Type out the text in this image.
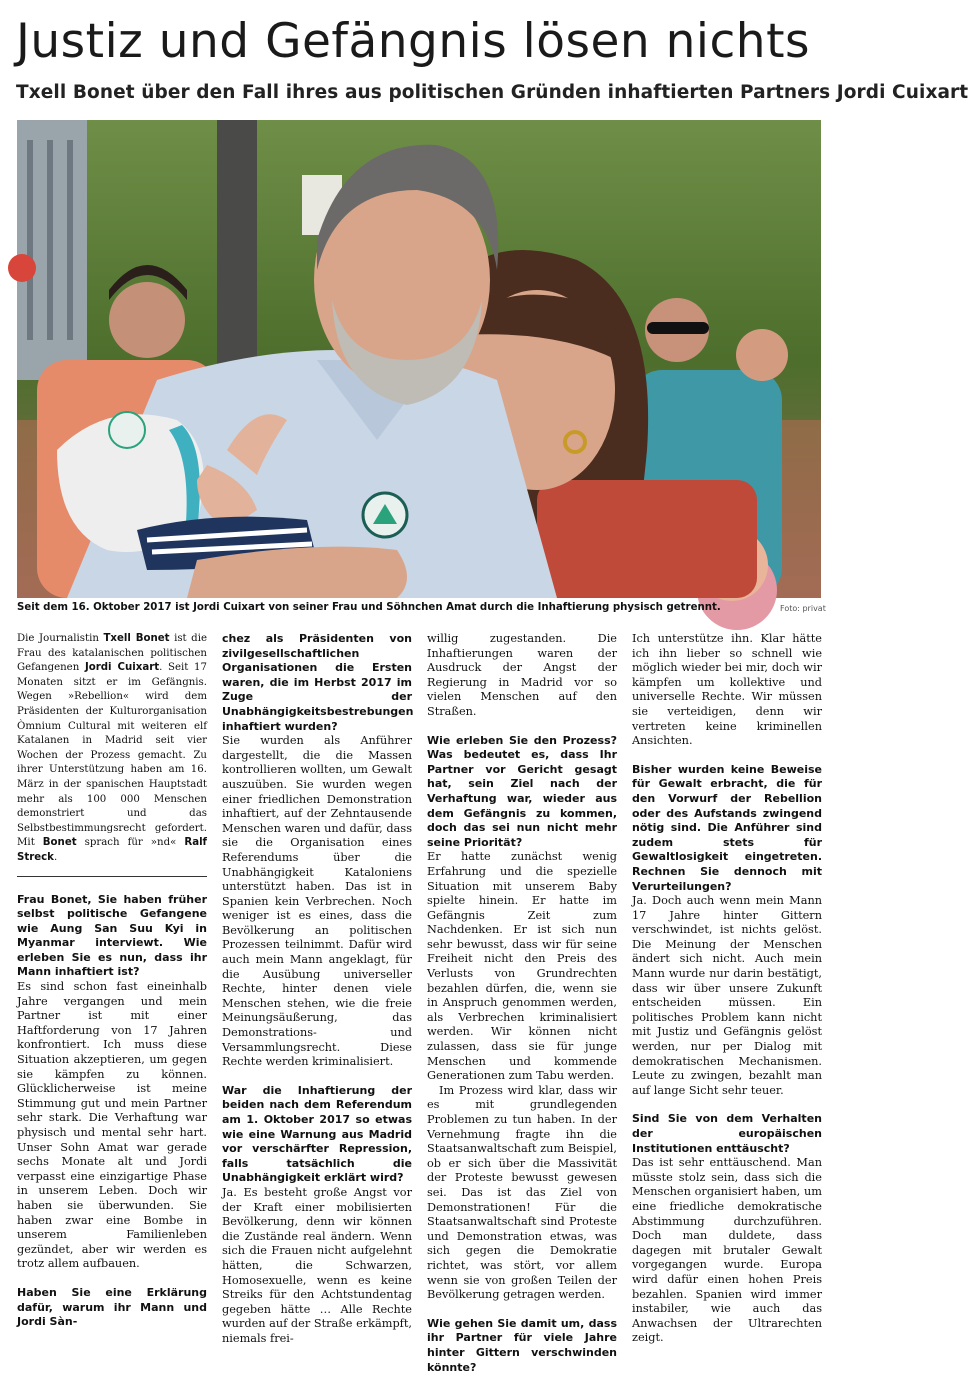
Justiz und Gefängnis lösen nichts
Txell Bonet über den Fall ihres aus politischen Gründen inhaftierten Partners Jordi Cuixart
Seit dem 16. Oktober 2017 ist Jordi Cuixart von seiner Frau und Söhnchen Amat durch die Inhaftierung physisch getrennt.	Foto: privat
Die Journalistin Txell Bonet ist die Frau des katalanischen politischen Gefangenen Jordi Cuixart. Seit 17 Monaten sitzt er im Gefängnis. Wegen »Rebellion« wird dem Präsidenten der Kulturorganisation Òmnium Cultural mit weiteren elf Katalanen in Madrid seit vier Wochen der Prozess gemacht. Zu ihrer Unterstützung haben am 16. März in der spanischen Hauptstadt mehr als 100 000 Menschen demonstriert und das Selbstbestimmungsrecht gefordert. Mit Bonet sprach für »nd« Ralf Streck.

Frau Bonet, Sie haben früher selbst politische Gefangene wie Aung San Suu Kyi in Myanmar interviewt. Wie erleben Sie es nun, dass ihr Mann inhaftiert ist?

Es sind schon fast eineinhalb Jahre vergangen und mein Partner ist mit einer Haftforderung von 17 Jahren konfrontiert. Ich muss diese Situation akzeptieren, um gegen sie kämpfen zu können. Glücklicherweise ist meine Stimmung gut und mein Partner sehr stark. Die Verhaftung war physisch und mental sehr hart. Unser Sohn Amat war gerade sechs Monate alt und Jordi verpasst eine einzigartige Phase in unserem Leben. Doch wir haben sie überwunden. Sie haben zwar eine Bombe in unserem Familienleben gezündet, aber wir werden es trotz allem aufbauen.

Haben Sie eine Erklärung dafür, warum ihr Mann und Jordi Sàn-

chez als Präsidenten von zivilgesellschaftlichen Organisationen die Ersten waren, die im Herbst 2017 im Zuge der Unabhängigkeitsbestrebungen inhaftiert wurden?

Sie wurden als Anführer dargestellt, die die Massen kontrollieren wollten, um Gewalt auszuüben. Sie wurden wegen einer friedlichen Demonstration inhaftiert, auf der Zehntausende Menschen waren und dafür, dass sie die Organisation eines Referendums über die Unabhängigkeit Kataloniens unterstützt haben. Das ist in Spanien kein Verbrechen. Noch weniger ist es eines, dass die Bevölkerung an politischen Prozessen teilnimmt. Dafür wird auch mein Mann angeklagt, für die Ausübung universeller Rechte, hinter denen viele Menschen stehen, wie die freie Meinungsäußerung, das Demonstrations- und Versammlungsrecht. Diese Rechte werden kriminalisiert.

War die Inhaftierung der beiden nach dem Referendum am 1. Oktober 2017 so etwas wie eine Warnung aus Madrid vor verschärfter Repression, falls tatsächlich die Unabhängigkeit erklärt wird?

Ja. Es besteht große Angst vor der Kraft einer mobilisierten Bevölkerung, denn wir können die Zustände real ändern. Wenn sich die Frauen nicht aufgelehnt hätten, die Schwarzen, Homosexuelle, wenn es keine Streiks für den Achtstundentag gegeben hätte … Alle Rechte wurden auf der Straße erkämpft, niemals frei-

willig zugestanden. Die Inhaftierungen waren der Ausdruck der Angst der Regierung in Madrid vor so vielen Menschen auf den Straßen.

Wie erleben Sie den Prozess? Was bedeutet es, dass Ihr Partner vor Gericht gesagt hat, sein Ziel nach der Verhaftung war, wieder aus dem Gefängnis zu kommen, doch das sei nun nicht mehr seine Priorität?

Er hatte zunächst wenig Erfahrung und die spezielle Situation mit unserem Baby spielte hinein. Er hatte im Gefängnis Zeit zum Nachdenken. Er ist sich nun sehr bewusst, dass wir für seine Freiheit nicht den Preis des Verlusts von Grundrechten bezahlen dürfen, die, wenn sie in Anspruch genommen werden, als Verbrechen kriminalisiert werden. Wir können nicht zulassen, dass sie für junge Menschen und kommende Generationen zum Tabu werden.

Im Prozess wird klar, dass wir es mit grundlegenden Problemen zu tun haben. In der Vernehmung fragte ihn die Staatsanwaltschaft zum Beispiel, ob er sich über die Massivität der Proteste bewusst gewesen sei. Das ist das Ziel von Demonstrationen! Für die Staatsanwaltschaft sind Proteste und Demonstration etwas, was sich gegen die Demokratie richtet, was stört, vor allem wenn sie von großen Teilen der Bevölkerung getragen werden.

Wie gehen Sie damit um, dass ihr Partner für viele Jahre hinter Gittern verschwinden könnte?

Ich unterstütze ihn. Klar hätte ich ihn lieber so schnell wie möglich wieder bei mir, doch wir kämpfen um kollektive und universelle Rechte. Wir müssen sie verteidigen, denn wir vertreten keine kriminellen Ansichten.

Bisher wurden keine Beweise für Gewalt erbracht, die für den Vorwurf der Rebellion oder des Aufstands zwingend nötig sind. Die Anführer sind zudem stets für Gewaltlosigkeit eingetreten. Rechnen Sie dennoch mit Verurteilungen?

Ja. Doch auch wenn mein Mann 17 Jahre hinter Gittern verschwindet, ist nichts gelöst. Die Meinung der Menschen ändert sich nicht. Auch mein Mann wurde nur darin bestätigt, dass wir über unsere Zukunft entscheiden müssen. Ein politisches Problem kann nicht mit Justiz und Gefängnis gelöst werden, nur per Dialog mit demokratischen Mechanismen. Leute zu zwingen, bezahlt man auf lange Sicht sehr teuer.

Sind Sie von dem Verhalten der europäischen Institutionen enttäuscht?

Das ist sehr enttäuschend. Man müsste stolz sein, dass sich die Menschen organisiert haben, um eine friedliche demokratische Abstimmung durchzuführen. Doch man duldete, dass dagegen mit brutaler Gewalt vorgegangen wurde. Europa wird dafür einen hohen Preis bezahlen. Spanien wird immer instabiler, wie auch das Anwachsen der Ultrarechten zeigt.
